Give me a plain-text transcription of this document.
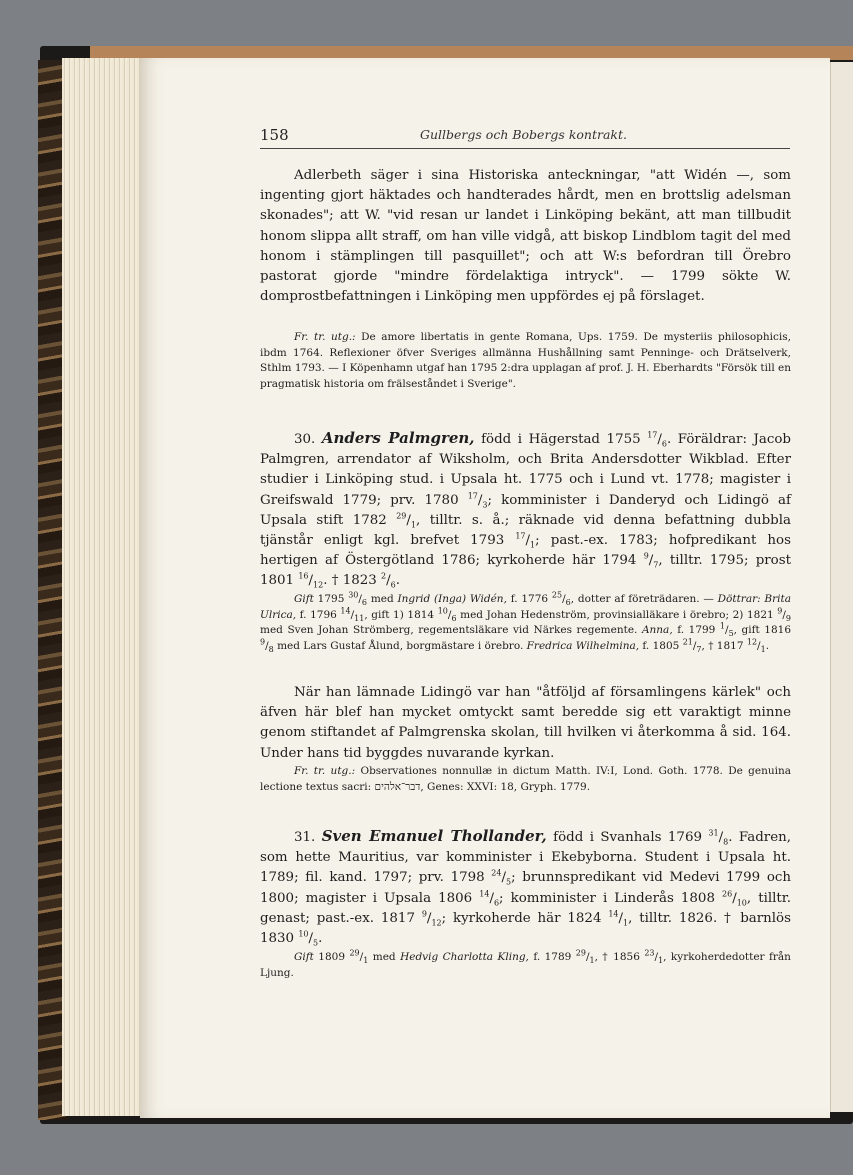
158	Gullbergs och Bobergs kontrakt.
Adlerbeth säger i sina Historiska anteckningar, "att Widén —, som ingenting gjort häktades och handterades hårdt, men en brottslig adelsman skonades"; att W. "vid resan ur landet i Linköping bekänt, att man tillbudit honom slippa allt straff, om han ville vidgå, att biskop Lindblom tagit del med honom i stämplingen till pasquillet"; och att W:s befordran till Örebro pastorat gjorde "mindre fördelaktiga intryck". — 1799 sökte W. domprostbefattningen i Linköping men uppfördes ej på förslaget.
Fr. tr. utg.: De amore libertatis in gente Romana, Ups. 1759. De mysteriis philosophicis, ibdm 1764. Reflexioner öfver Sveriges allmänna Hushållning samt Penninge- och Drätselverk, Sthlm 1793. — I Köpenhamn utgaf han 1795 2:dra upplagan af prof. J. H. Eberhardts "Försök till en pragmatisk historia om frälseståndet i Sverige".
30. Anders Palmgren, född i Hägerstad 1755 $^{17}/_6$. Föräldrar: Jacob Palmgren, arrendator af Wiksholm, och Brita Andersdotter Wikblad. Efter studier i Linköping stud. i Upsala ht. 1775 och i Lund vt. 1778; magister i Greifswald 1779; prv. 1780 $^{17}/_3$; komminister i Danderyd och Lidingö af Upsala stift 1782 $^{29}/_1$, tilltr. s. å.; räknade vid denna befattning dubbla tjänstår enligt kgl. brefvet 1793 $^{17}/_1$; past.-ex. 1783; hofpredikant hos hertigen af Östergötland 1786; kyrkoherde här 1794 $^9/_7$, tilltr. 1795; prost 1801 $^{16}/_{12}$. † 1823 $^2/_6$.
Gift 1795 $^{30}/_6$ med Ingrid (Inga) Widén, f. 1776 $^{25}/_6$, dotter af företrädaren. — Döttrar: Brita Ulrica, f. 1796 $^{14}/_{11}$, gift 1) 1814 $^{10}/_6$ med Johan Hedenström, provinsialläkare i örebro; 2) 1821 $^9/_9$ med Sven Johan Strömberg, regementsläkare vid Närkes regemente. Anna, f. 1799 $^1/_5$, gift 1816 $^9/_8$ med Lars Gustaf Ålund, borgmästare i örebro. Fredrica Wilhelmina, f. 1805 $^{21}/_7$, † 1817 $^{12}/_1$.
När han lämnade Lidingö var han "åtföljd af församlingens kärlek" och äfven här blef han mycket omtyckt samt beredde sig ett varaktigt minne genom stiftandet af Palmgrenska skolan, till hvilken vi återkomma å sid. 164. Under hans tid byggdes nuvarande kyrkan.
Fr. tr. utg.: Observationes nonnullæ in dictum Matth. IV:I, Lond. Goth. 1778. De genuina lectione textus sacri: דבר־אלהים, Genes: XXVI: 18, Gryph. 1779.
31. Sven Emanuel Thollander, född i Svanhals 1769 $^{31}/_8$. Fadren, som hette Mauritius, var komminister i Ekebyborna. Student i Upsala ht. 1789; fil. kand. 1797; prv. 1798 $^{24}/_5$; brunnspredikant vid Medevi 1799 och 1800; magister i Upsala 1806 $^{14}/_6$; komminister i Linderås 1808 $^{26}/_{10}$, tilltr. genast; past.-ex. 1817 $^9/_{12}$; kyrkoherde här 1824 $^{14}/_1$, tilltr. 1826. † barnlös 1830 $^{10}/_5$.
Gift 1809 $^{29}/_1$ med Hedvig Charlotta Kling, f. 1789 $^{29}/_1$, † 1856 $^{23}/_1$, kyrkoherdedotter från Ljung.
